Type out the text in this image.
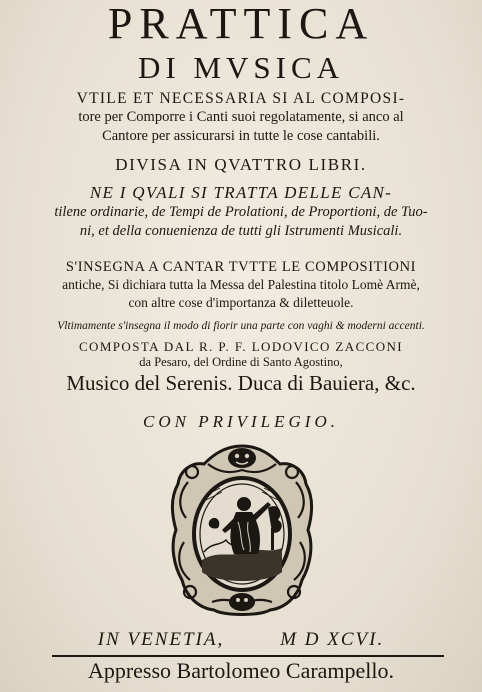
PRATTICA
DI MVSICA
VTILE ET NECESSARIA SI AL COMPOSI-
tore per Comporre i Canti suoi regolatamente, si anco al
Cantore per assicurarsi in tutte le cose cantabili.
DIVISA IN QVATTRO LIBRI.
NE I QVALI SI TRATTA DELLE CAN-
tilene ordinarie, de Tempi de Prolationi, de Proportioni, de Tuo-
ni, et della conuenienza de tutti gli Istrumenti Musicali.
S'INSEGNA A CANTAR TVTTE LE COMPOSITIONI
antiche, Si dichiara tutta la Messa del Palestina titolo Lomè Armè,
con altre cose d'importanza & diletteuole.
Vltimamente s'insegna il modo di fiorir una parte con vaghi & moderni accenti.
COMPOSTA DAL R. P. F. LODOVICO ZACCONI
da Pesaro, del Ordine di Santo Agostino,
Musico del Serenis. Duca di Bauiera, &c.
CON PRIVILEGIO.
IN VENETIA,	M D XCVI.
Appresso Bartolomeo Carampello.
